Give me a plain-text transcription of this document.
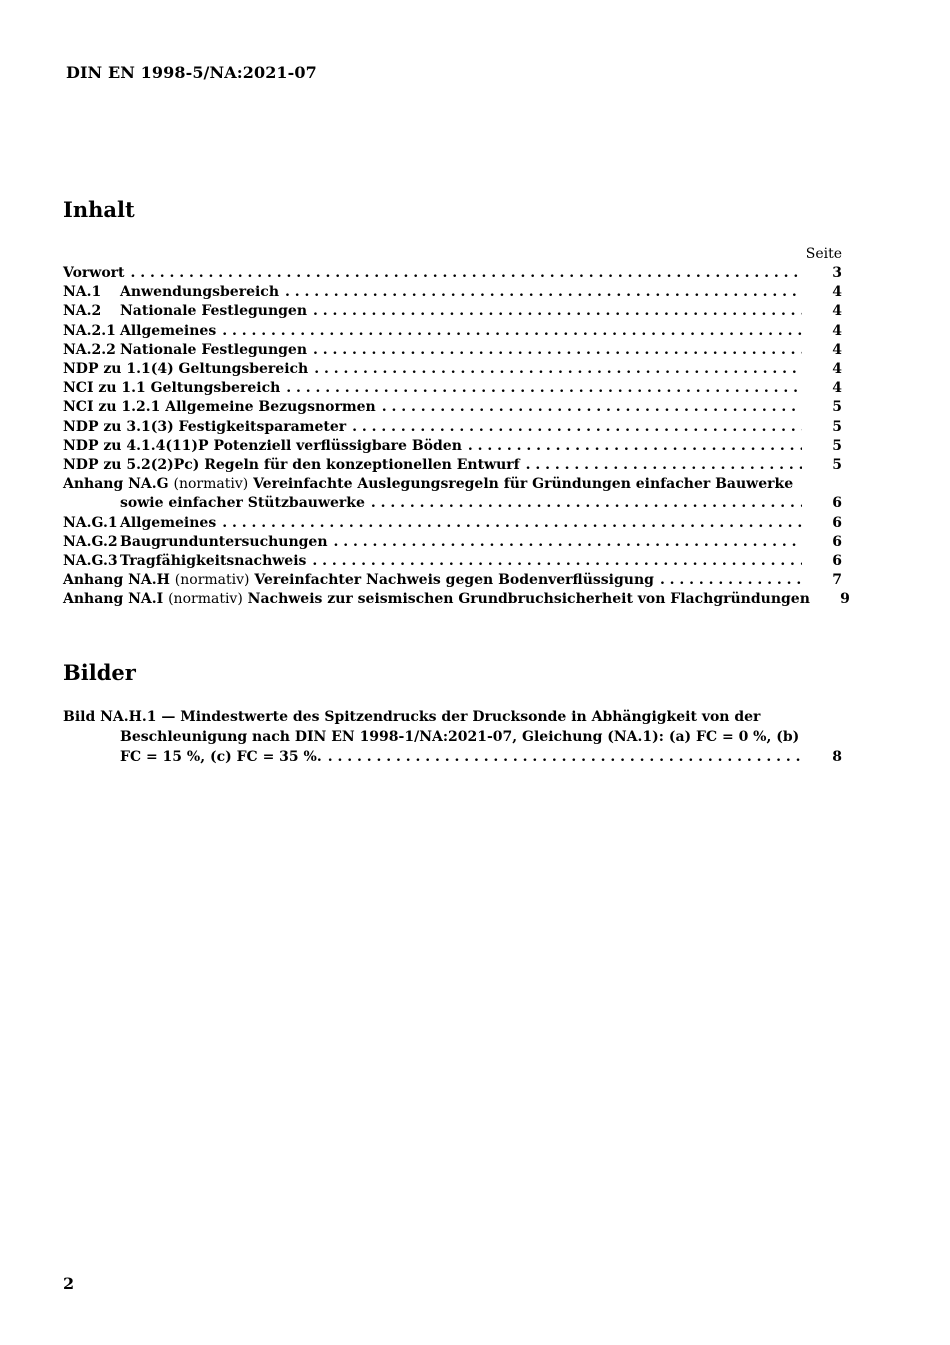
DIN EN 1998-5/NA:2021-07
Inhalt
Seite
Vorwort . . .	3
NA.1	Anwendungsbereich . . .	4
NA.2	Nationale Festlegungen . . .	4
NA.2.1 Allgemeines . . .	4
NA.2.2 Nationale Festlegungen . . .	4
NDP zu 1.1(4) Geltungsbereich . . .	4
NCI zu 1.1 Geltungsbereich . . .	4
NCI zu 1.2.1 Allgemeine Bezugsnormen . . .	5
NDP zu 3.1(3) Festigkeitsparameter . . .	5
NDP zu 4.1.4(11)P Potenziell verflüssigbare Böden . . .	5
NDP zu 5.2(2)Pc) Regeln für den konzeptionellen Entwurf . . .	5
Anhang NA.G (normativ) Vereinfachte Auslegungsregeln für Gründungen einfacher Bauwerke
sowie einfacher Stützbauwerke . . .	6
NA.G.1 Allgemeines . . .	6
NA.G.2 Baugrunduntersuchungen . . .	6
NA.G.3 Tragfähigkeitsnachweis . . .	6
Anhang NA.H (normativ) Vereinfachter Nachweis gegen Bodenverflüssigung . . .	7
Anhang NA.I (normativ) Nachweis zur seismischen Grundbruchsicherheit von Flachgründungen	9
Bilder
Bild NA.H.1 — Mindestwerte des Spitzendrucks der Drucksonde in Abhängigkeit von der
Beschleunigung nach DIN EN 1998-1/NA:2021-07, Gleichung (NA.1): (a) FC = 0 %, (b)
FC = 15 %, (c) FC = 35 %. . . .	8
2
